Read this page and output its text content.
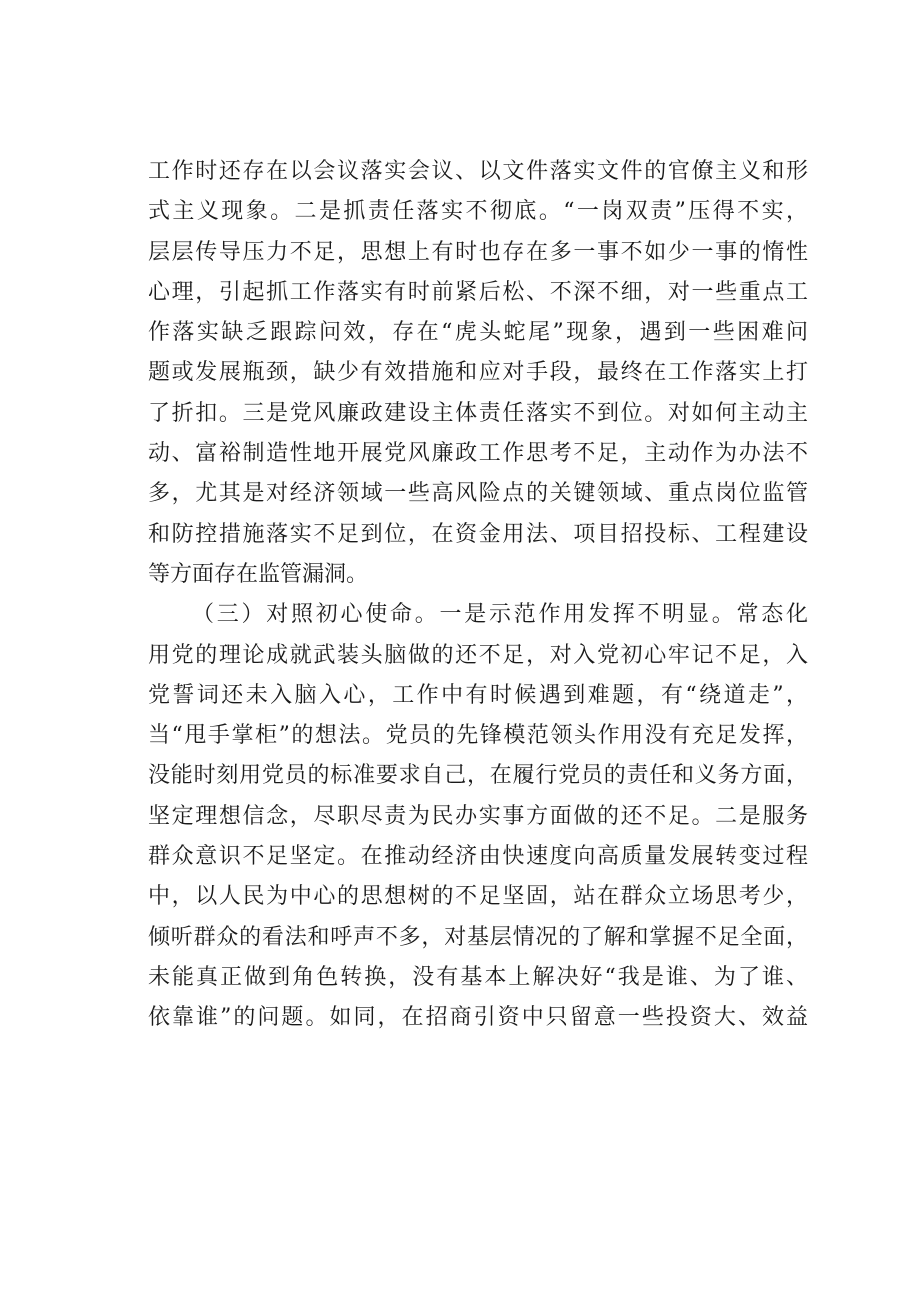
工作时还存在以会议落实会议、以文件落实文件的官僚主义和形
式主义现象。二是抓责任落实不彻底。“一岗双责”压得不实，
层层传导压力不足，思想上有时也存在多一事不如少一事的惰性
心理，引起抓工作落实有时前紧后松、不深不细，对一些重点工
作落实缺乏跟踪问效，存在“虎头蛇尾”现象，遇到一些困难问
题或发展瓶颈，缺少有效措施和应对手段，最终在工作落实上打
了折扣。三是党风廉政建设主体责任落实不到位。对如何主动主
动、富裕制造性地开展党风廉政工作思考不足，主动作为办法不
多，尤其是对经济领域一些高风险点的关键领域、重点岗位监管
和防控措施落实不足到位，在资金用法、项目招投标、工程建设
等方面存在监管漏洞。
（三）对照初心使命。一是示范作用发挥不明显。常态化
用党的理论成就武装头脑做的还不足，对入党初心牢记不足，入
党誓词还未入脑入心，工作中有时候遇到难题，有“绕道走”，
当“甩手掌柜”的想法。党员的先锋模范领头作用没有充足发挥，
没能时刻用党员的标准要求自己，在履行党员的责任和义务方面，
坚定理想信念，尽职尽责为民办实事方面做的还不足。二是服务
群众意识不足坚定。在推动经济由快速度向高质量发展转变过程
中，以人民为中心的思想树的不足坚固，站在群众立场思考少，
倾听群众的看法和呼声不多，对基层情况的了解和掌握不足全面，
未能真正做到角色转换，没有基本上解决好“我是谁、为了谁、
依靠谁”的问题。如同，在招商引资中只留意一些投资大、效益
